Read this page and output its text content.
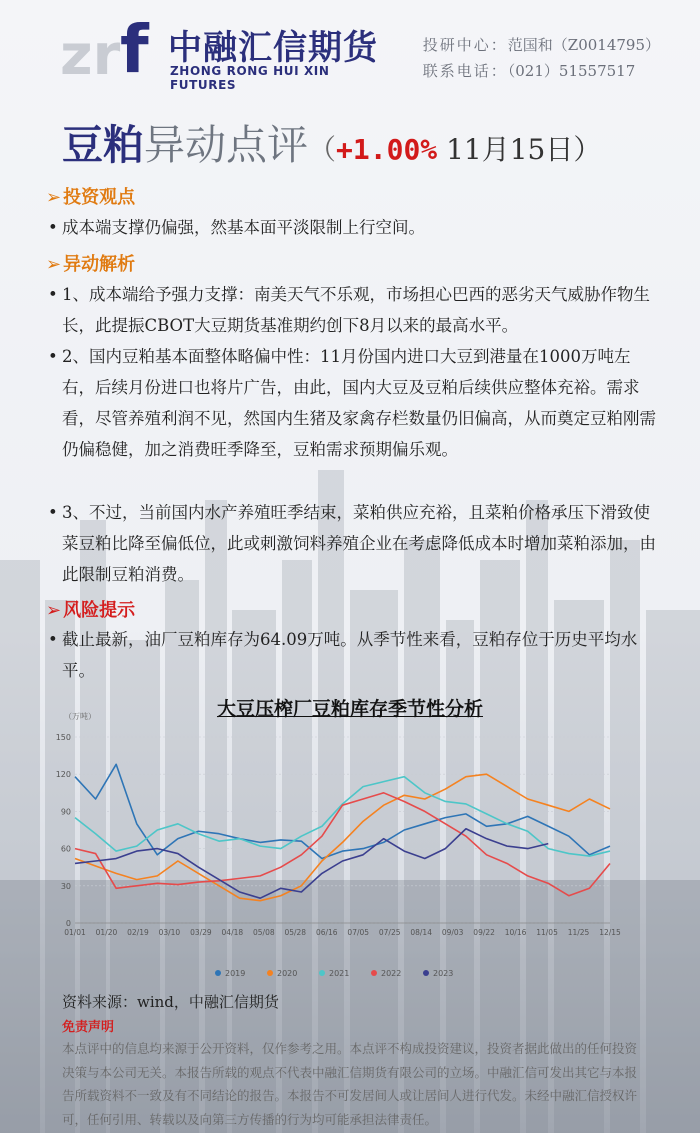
zr f 中融汇信期货
ZHONG RONG HUI XIN FUTURES
投研中心：范国和（Z0014795）
联系电话：（021）51557517
豆粕异动点评（+1.00% 11月15日）
➢ 投资观点
• 成本端支撑仍偏强，然基本面平淡限制上行空间。
➢ 异动解析
• 1、成本端给予强力支撑：南美天气不乐观，市场担心巴西的恶劣天气威胁作物生长，此提振CBOT大豆期货基准期约创下8月以来的最高水平。
• 2、国内豆粕基本面整体略偏中性：11月份国内进口大豆到港量在1000万吨左右，后续月份进口也将片广告，由此，国内大豆及豆粕后续供应整体充裕。需求看，尽管养殖利润不见，然国内生猪及家禽存栏数量仍旧偏高，从而奠定豆粕刚需仍偏稳健，加之消费旺季降至，豆粕需求预期偏乐观。
• 3、不过，当前国内水产养殖旺季结束，菜粕供应充裕，且菜粕价格承压下滑致使菜豆粕比降至偏低位，此或刺激饲料养殖企业在考虑降低成本时增加菜粕添加，由此限制豆粕消费。
➢ 风险提示
• 截止最新，油厂豆粕库存为64.09万吨。从季节性来看，豆粕存位于历史平均水平。
大豆压榨厂豆粕库存季节性分析
（万吨）
0
30
60
90
120
150
01/01 01/20 02/19 03/10 03/29 04/18 05/08 05/28 06/16 07/05 07/25 08/14 09/03 09/22 10/16 11/05 11/25 12/15
2019	2020	2021	2022	2023
资料来源：wind，中融汇信期货
免责声明
本点评中的信息均来源于公开资料，仅作参考之用。本点评不构成投资建议，投资者据此做出的任何投资决策与本公司无关。本报告所载的观点不代表中融汇信期货有限公司的立场。中融汇信可发出其它与本报告所载资料不一致及有不同结论的报告。本报告不可发居间人或让居间人进行代发。未经中融汇信授权许可，任何引用、转载以及向第三方传播的行为均可能承担法律责任。
